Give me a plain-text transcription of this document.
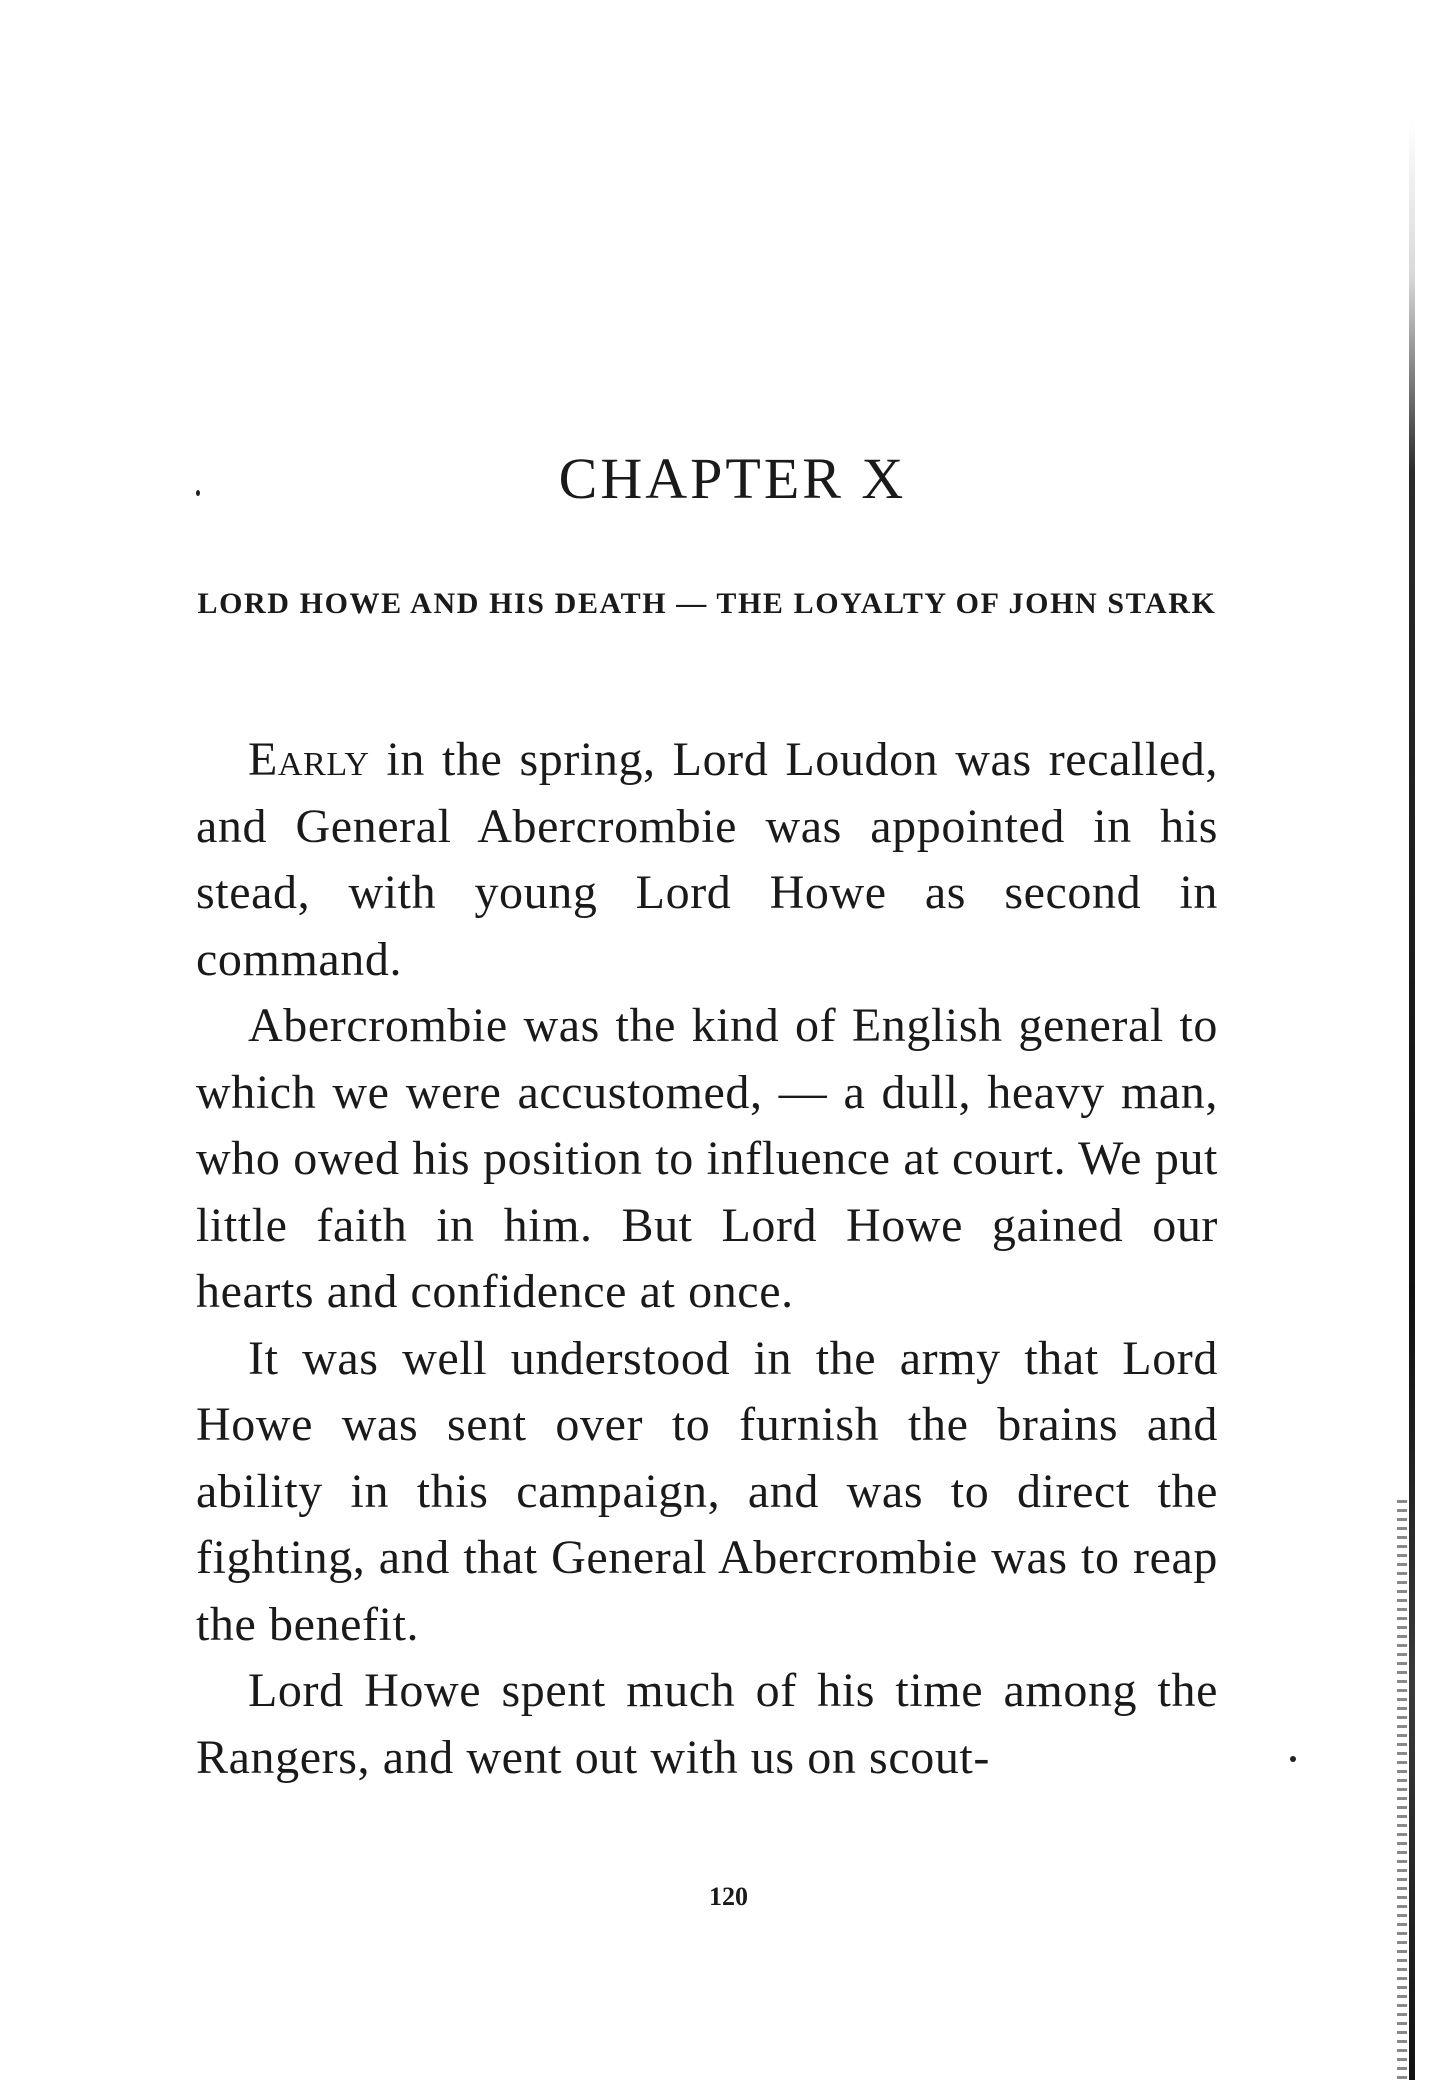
CHAPTER X
LORD HOWE AND HIS DEATH — THE LOYALTY OF JOHN STARK

Early in the spring, Lord Loudon was recalled, and General Abercrombie was appointed in his stead, with young Lord Howe as second in command.

Abercrombie was the kind of English general to which we were accustomed, — a dull, heavy man, who owed his position to influence at court. We put little faith in him. But Lord Howe gained our hearts and confidence at once.

It was well understood in the army that Lord Howe was sent over to furnish the brains and ability in this campaign, and was to direct the fighting, and that General Abercrombie was to reap the benefit.

Lord Howe spent much of his time among the Rangers, and went out with us on scout-

120
